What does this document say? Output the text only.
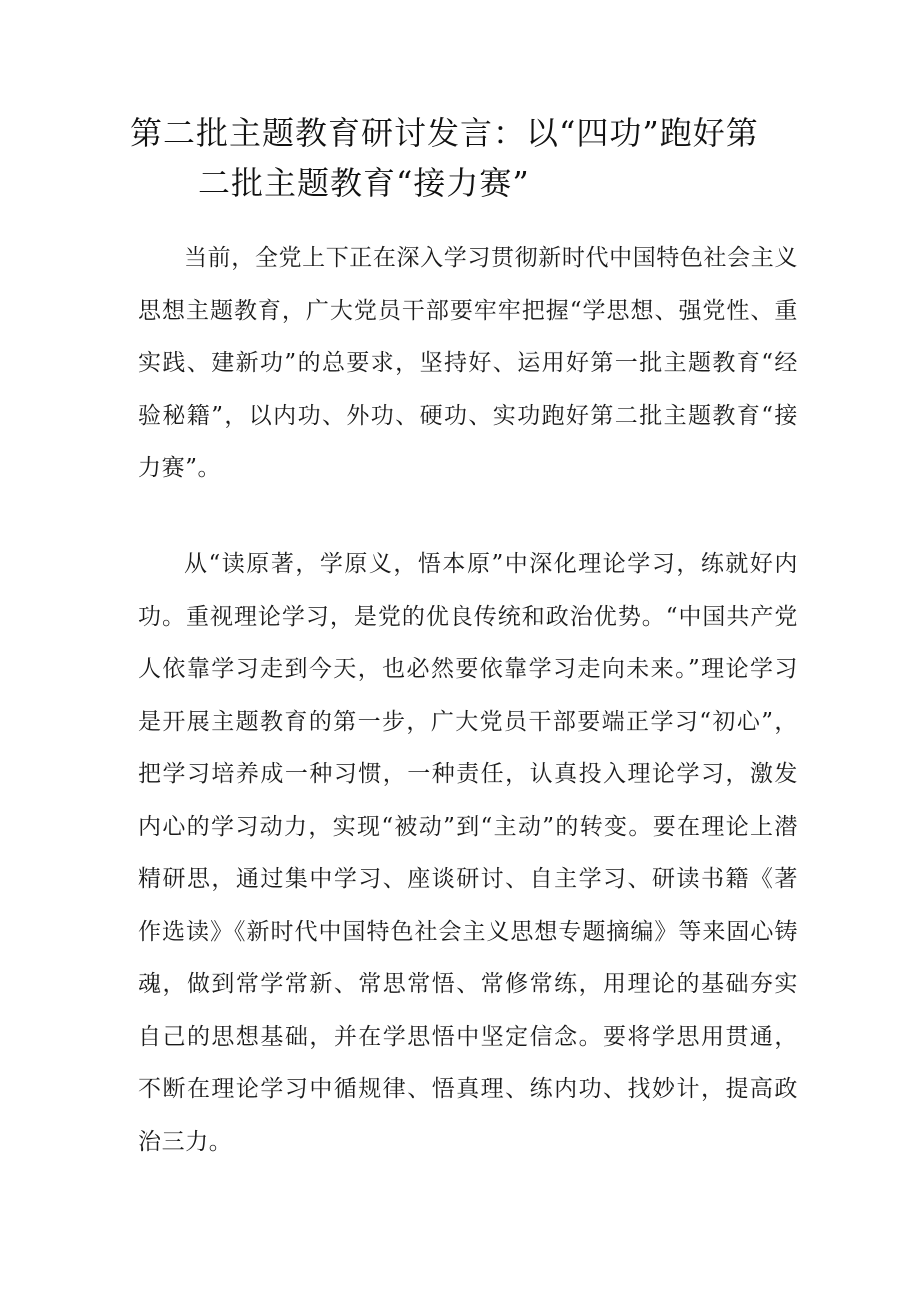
第二批主题教育研讨发言：以“四功”跑好第
二批主题教育“接力赛”

当前，全党上下正在深入学习贯彻新时代中国特色社会主义思想主题教育，广大党员干部要牢牢把握“学思想、强党性、重实践、建新功”的总要求，坚持好、运用好第一批主题教育“经验秘籍”，以内功、外功、硬功、实功跑好第二批主题教育“接力赛”。

从“读原著，学原义，悟本原”中深化理论学习，练就好内功。重视理论学习，是党的优良传统和政治优势。“中国共产党人依靠学习走到今天，也必然要依靠学习走向未来。”理论学习是开展主题教育的第一步，广大党员干部要端正学习“初心”，把学习培养成一种习惯，一种责任，认真投入理论学习，激发内心的学习动力，实现“被动”到“主动”的转变。要在理论上潜精研思，通过集中学习、座谈研讨、自主学习、研读书籍《著作选读》《新时代中国特色社会主义思想专题摘编》等来固心铸魂，做到常学常新、常思常悟、常修常练，用理论的基础夯实自己的思想基础，并在学思悟中坚定信念。要将学思用贯通，不断在理论学习中循规律、悟真理、练内功、找妙计，提高政治三力。
